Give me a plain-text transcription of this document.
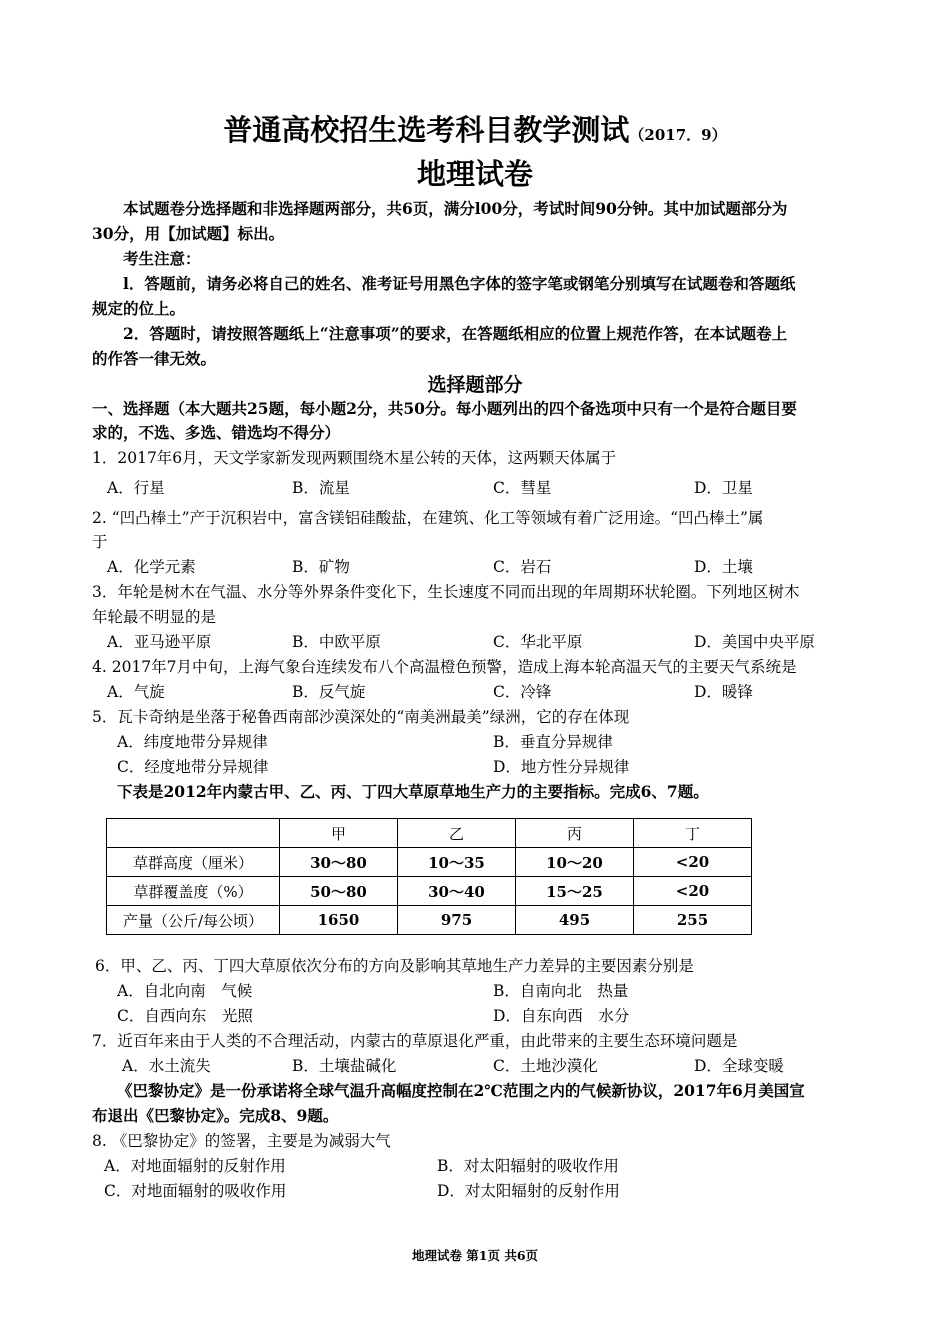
普通高校招生选考科目教学测试（2017．9）
地理试卷
本试题卷分选择题和非选择题两部分，共6页，满分l00分，考试时间90分钟。其中加试题部分为
30分，用【加试题】标出。
考生注意：
l．答题前，请务必将自己的姓名、准考证号用黑色字体的签字笔或钢笔分别填写在试题卷和答题纸
规定的位上。
2．答题时，请按照答题纸上“注意事项”的要求，在答题纸相应的位置上规范作答，在本试题卷上
的作答一律无效。
选择题部分
一、选择题（本大题共25题，每小题2分，共50分。每小题列出的四个备选项中只有一个是符合题目要
求的，不选、多选、错选均不得分）
1．2017年6月，天文学家新发现两颗围绕木星公转的天体，这两颗天体属于
A．行星	B．流星	C．彗星	D．卫星
2. “凹凸棒土”产于沉积岩中，富含镁铝硅酸盐，在建筑、化工等领域有着广泛用途。“凹凸棒土”属
于
A．化学元素	B．矿物	C．岩石	D．土壤
3．年轮是树木在气温、水分等外界条件变化下，生长速度不同而出现的年周期环状轮圈。下列地区树木
年轮最不明显的是
A．亚马逊平原	B．中欧平原	C．华北平原	D．美国中央平原
4. 2017年7月中旬，上海气象台连续发布八个高温橙色预警，造成上海本轮高温天气的主要天气系统是
A．气旋	B．反气旋	C．冷锋	D．暖锋
5．瓦卡奇纳是坐落于秘鲁西南部沙漠深处的“南美洲最美”绿洲，它的存在体现
A．纬度地带分异规律	B．垂直分异规律
C．经度地带分异规律	D．地方性分异规律
下表是2012年内蒙古甲、乙、丙、丁四大草原草地生产力的主要指标。完成6、7题。
	甲	乙	丙	丁
草群高度（厘米）	30～80	10～35	10～20	<20
草群覆盖度（%）	50～80	30～40	15～25	<20
产量（公斤/每公顷）	1650	975	495	255
6．甲、乙、丙、丁四大草原依次分布的方向及影响其草地生产力差异的主要因素分别是
A．自北向南　气候	B．自南向北　热量
C．自西向东　光照	D．自东向西　水分
7．近百年来由于人类的不合理活动，内蒙古的草原退化严重，由此带来的主要生态环境问题是
A．水土流失	B．土壤盐碱化	C．土地沙漠化	D．全球变暖
《巴黎协定》是一份承诺将全球气温升高幅度控制在2℃范围之内的气候新协议，2017年6月美国宣
布退出《巴黎协定》。完成8、9题。
8. 《巴黎协定》的签署，主要是为减弱大气
A．对地面辐射的反射作用	B．对太阳辐射的吸收作用
C．对地面辐射的吸收作用	D．对太阳辐射的反射作用
地理试卷 第1页 共6页
